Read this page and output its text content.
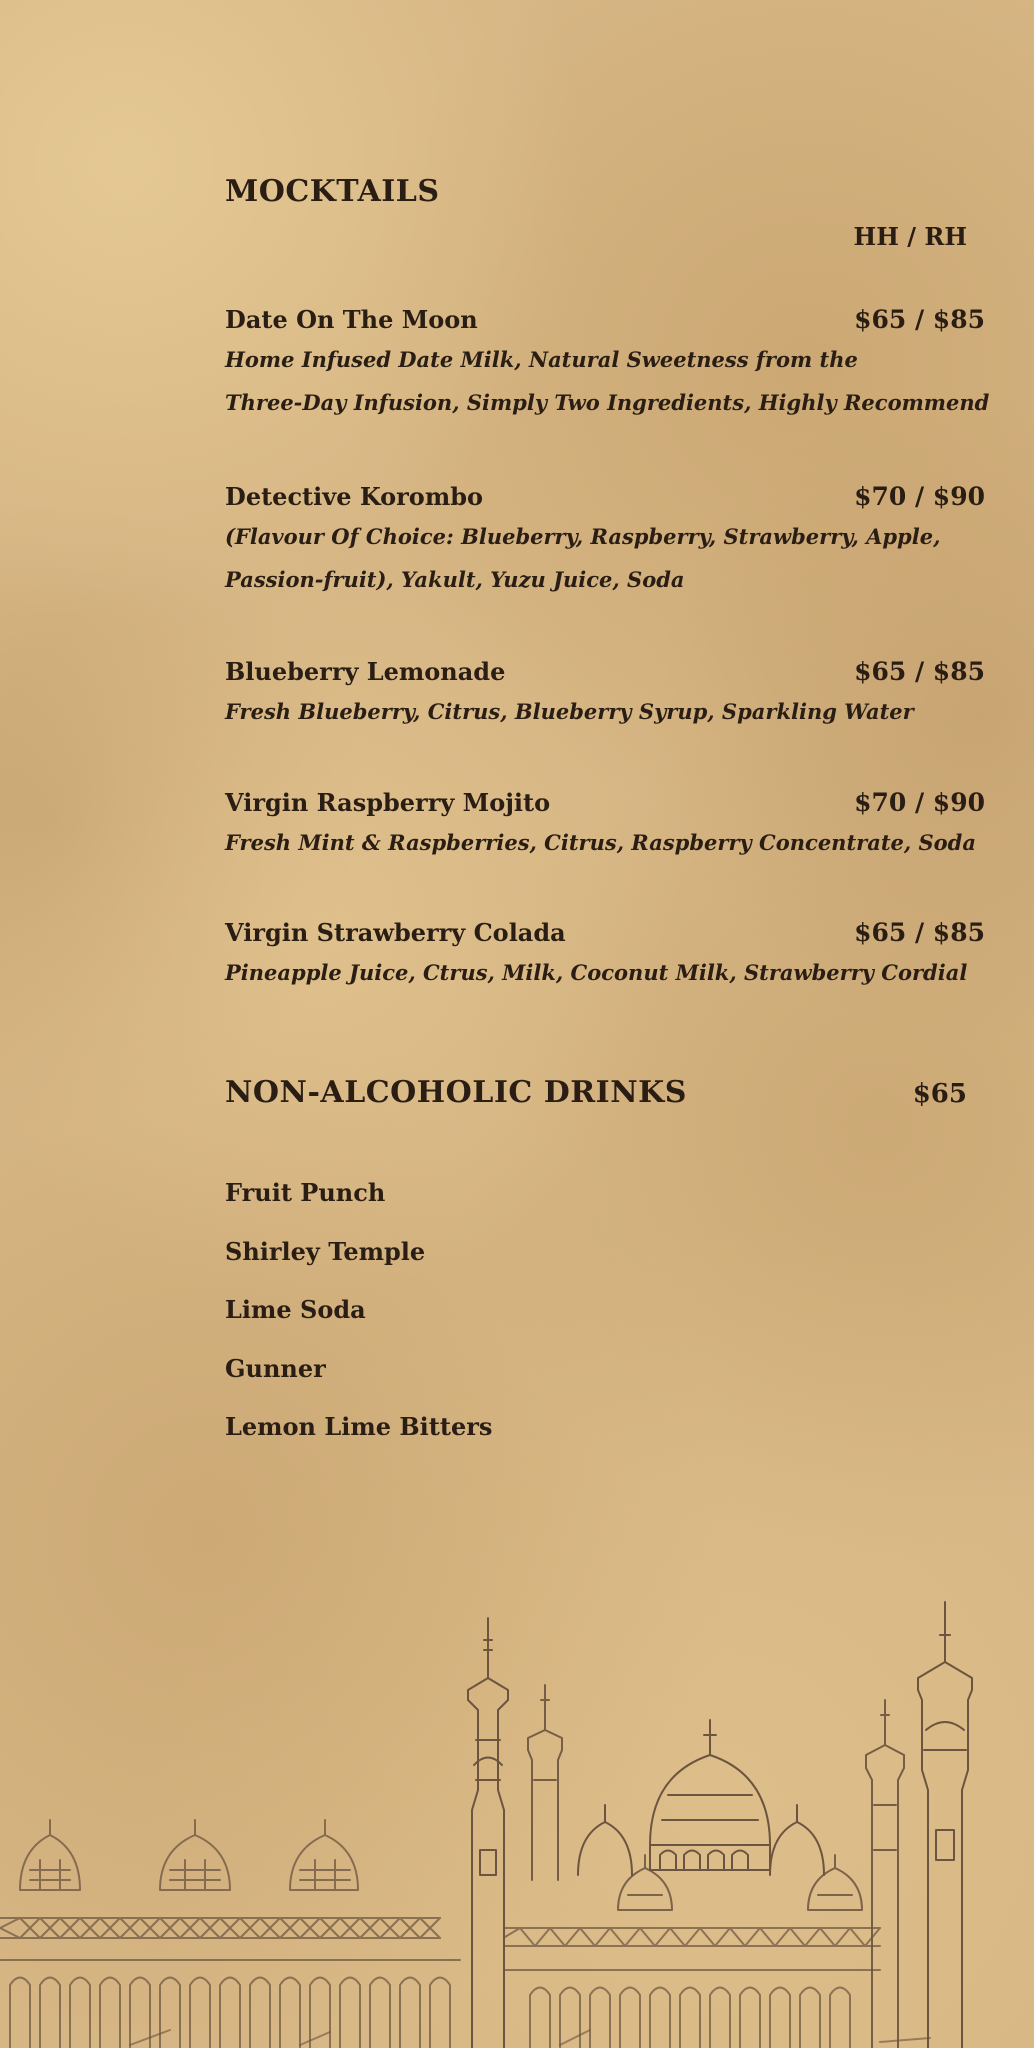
MOCKTAILS
HH / RH
Date On The Moon	$65 / $85
Home Infused Date Milk, Natural Sweetness from the
Three-Day Infusion, Simply Two Ingredients, Highly Recommend
Detective Korombo	$70 / $90
(Flavour Of Choice: Blueberry, Raspberry, Strawberry, Apple,
Passion-fruit), Yakult, Yuzu Juice, Soda
Blueberry Lemonade	$65 / $85
Fresh Blueberry, Citrus, Blueberry Syrup, Sparkling Water
Virgin Raspberry Mojito	$70 / $90
Fresh Mint & Raspberries, Citrus, Raspberry Concentrate, Soda
Virgin Strawberry Colada	$65 / $85
Pineapple Juice, Ctrus, Milk, Coconut Milk, Strawberry Cordial
NON-ALCOHOLIC DRINKS	$65
Fruit Punch
Shirley Temple
Lime Soda
Gunner
Lemon Lime Bitters
